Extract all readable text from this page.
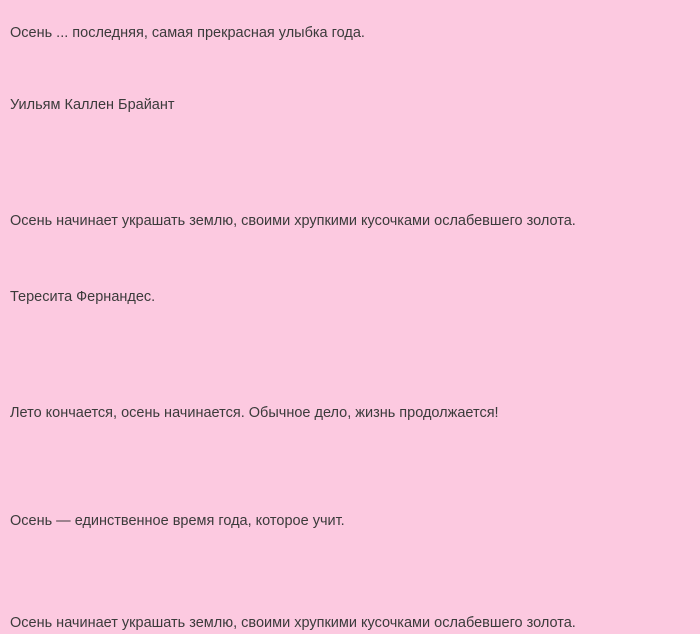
Осень ... последняя, самая прекрасная улыбка года.

Уильям Каллен Брайант

Осень начинает украшать землю, своими хрупкими кусочками ослабевшего золота.

Тересита Фернандес.

Лето кончается, осень начинается. Обычное дело, жизнь продолжается!

Осень — единственное время года, которое учит.

Осень начинает украшать землю, своими хрупкими кусочками ослабевшего золота.
